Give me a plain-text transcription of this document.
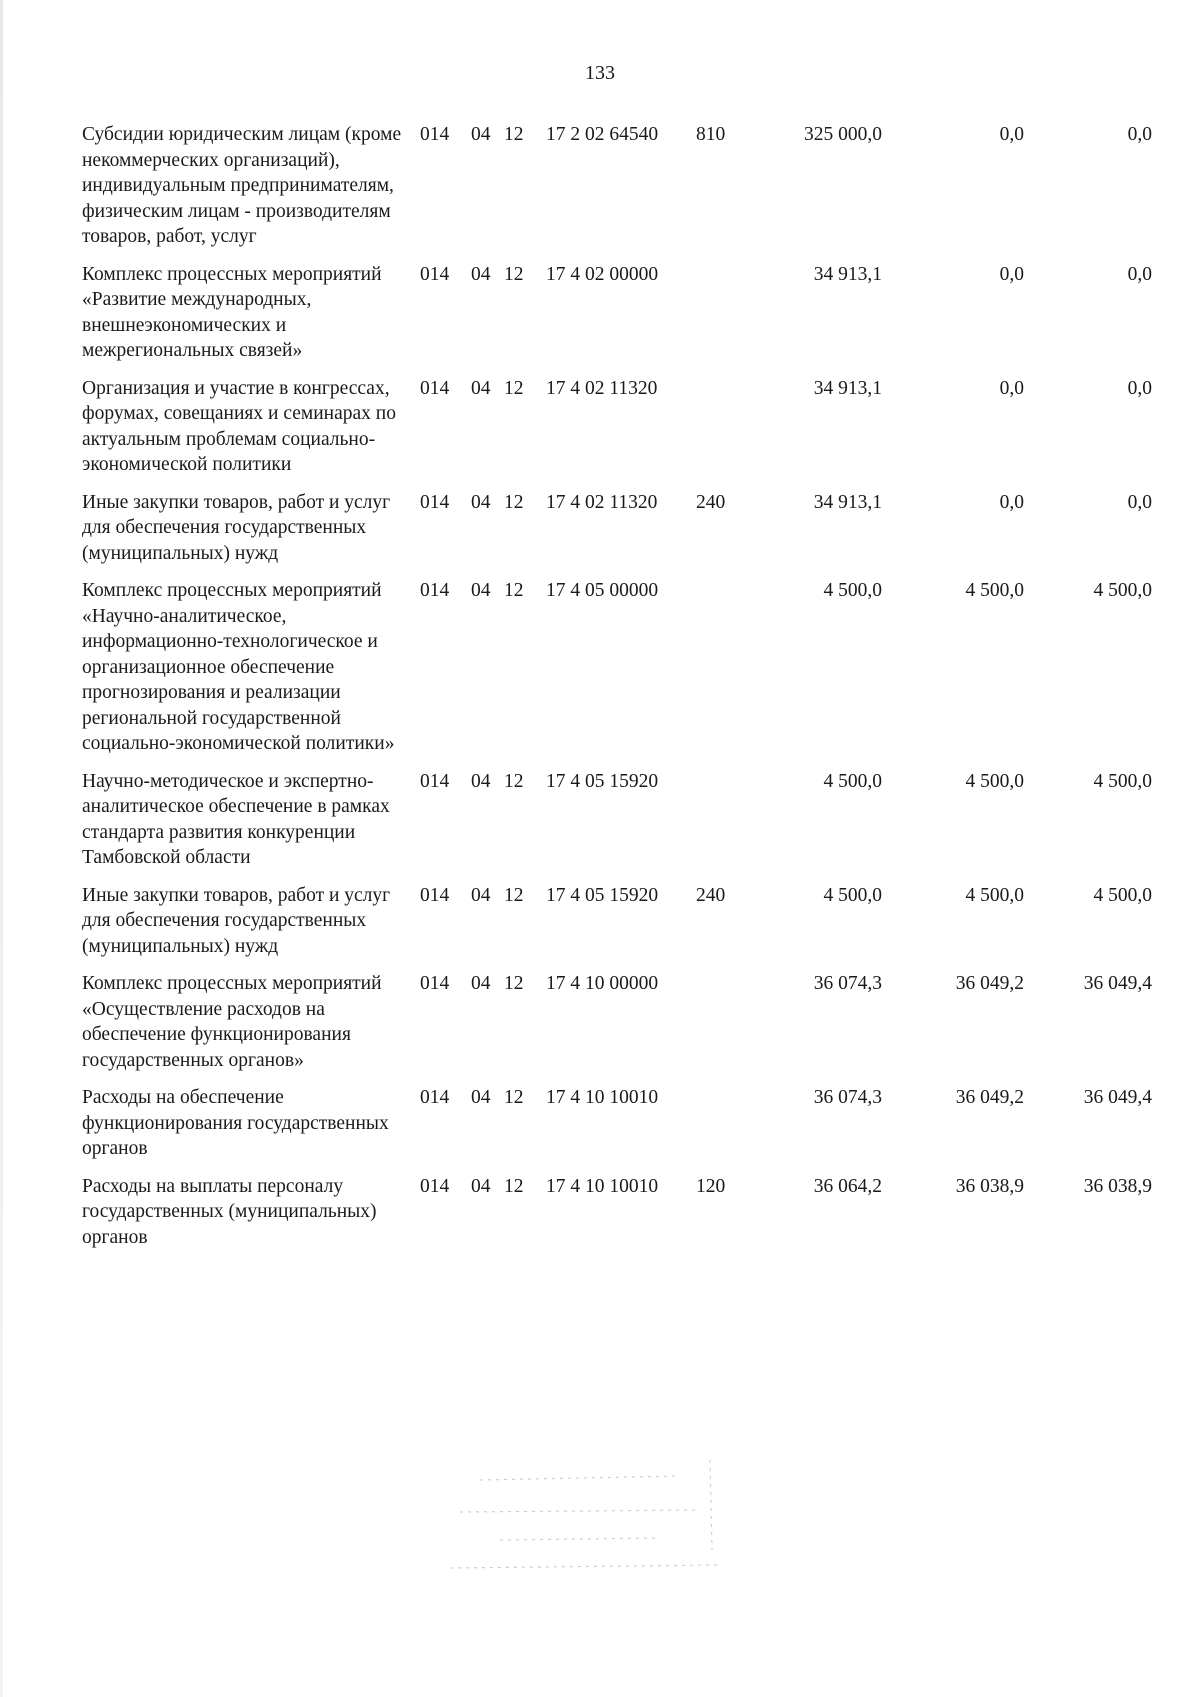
133
Субсидии юридическим лицам (кроме некоммерческих организаций), индивидуальным предпринимателям, физическим лицам - производителям товаров, работ, услуг	014	04	12	17 2 02 64540	810	325 000,0	0,0	0,0
Комплекс процессных мероприятий «Развитие международных, внешнеэкономических и межрегиональных связей»	014	04	12	17 4 02 00000		34 913,1	0,0	0,0
Организация и участие в конгрессах, форумах, совещаниях и семинарах по актуальным проблемам социально-экономической политики	014	04	12	17 4 02 11320		34 913,1	0,0	0,0
Иные закупки товаров, работ и услуг для обеспечения государственных (муниципальных) нужд	014	04	12	17 4 02 11320	240	34 913,1	0,0	0,0
Комплекс процессных мероприятий «Научно-аналитическое, информационно-технологическое и организационное обеспечение прогнозирования и реализации региональной государственной социально-экономической политики»	014	04	12	17 4 05 00000		4 500,0	4 500,0	4 500,0
Научно-методическое и экспертно-аналитическое обеспечение в рамках стандарта развития конкуренции Тамбовской области	014	04	12	17 4 05 15920		4 500,0	4 500,0	4 500,0
Иные закупки товаров, работ и услуг для обеспечения государственных (муниципальных) нужд	014	04	12	17 4 05 15920	240	4 500,0	4 500,0	4 500,0
Комплекс процессных мероприятий «Осуществление расходов на обеспечение функционирования государственных органов»	014	04	12	17 4 10 00000		36 074,3	36 049,2	36 049,4
Расходы на обеспечение функционирования государственных органов	014	04	12	17 4 10 10010		36 074,3	36 049,2	36 049,4
Расходы на выплаты персоналу государственных (муниципальных) органов	014	04	12	17 4 10 10010	120	36 064,2	36 038,9	36 038,9
